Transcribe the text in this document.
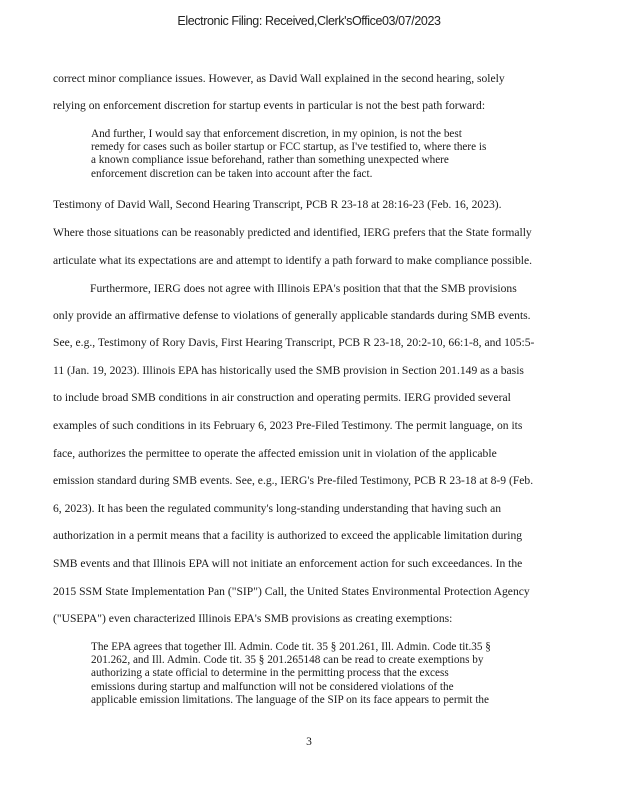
Electronic Filing: Received,Clerk'sOffice03/07/2023
correct minor compliance issues. However, as David Wall explained in the second hearing, solely
relying on enforcement discretion for startup events in particular is not the best path forward:
And further, I would say that enforcement discretion, in my opinion, is not the best
remedy for cases such as boiler startup or FCC startup, as I've testified to, where there is
a known compliance issue beforehand, rather than something unexpected where
enforcement discretion can be taken into account after the fact.
Testimony of David Wall, Second Hearing Transcript, PCB R 23-18 at 28:16-23 (Feb. 16, 2023).
Where those situations can be reasonably predicted and identified, IERG prefers that the State formally
articulate what its expectations are and attempt to identify a path forward to make compliance possible.
Furthermore, IERG does not agree with Illinois EPA's position that that the SMB provisions
only provide an affirmative defense to violations of generally applicable standards during SMB events.
See, e.g., Testimony of Rory Davis, First Hearing Transcript, PCB R 23-18, 20:2-10, 66:1-8, and 105:5-
11 (Jan. 19, 2023). Illinois EPA has historically used the SMB provision in Section 201.149 as a basis
to include broad SMB conditions in air construction and operating permits. IERG provided several
examples of such conditions in its February 6, 2023 Pre-Filed Testimony. The permit language, on its
face, authorizes the permittee to operate the affected emission unit in violation of the applicable
emission standard during SMB events. See, e.g., IERG's Pre-filed Testimony, PCB R 23-18 at 8-9 (Feb.
6, 2023). It has been the regulated community's long-standing understanding that having such an
authorization in a permit means that a facility is authorized to exceed the applicable limitation during
SMB events and that Illinois EPA will not initiate an enforcement action for such exceedances. In the
2015 SSM State Implementation Pan ("SIP") Call, the United States Environmental Protection Agency
("USEPA") even characterized Illinois EPA's SMB provisions as creating exemptions:
The EPA agrees that together Ill. Admin. Code tit. 35 § 201.261, Ill. Admin. Code tit.35 §
201.262, and Ill. Admin. Code tit. 35 § 201.265148 can be read to create exemptions by
authorizing a state official to determine in the permitting process that the excess
emissions during startup and malfunction will not be considered violations of the
applicable emission limitations. The language of the SIP on its face appears to permit the
3
